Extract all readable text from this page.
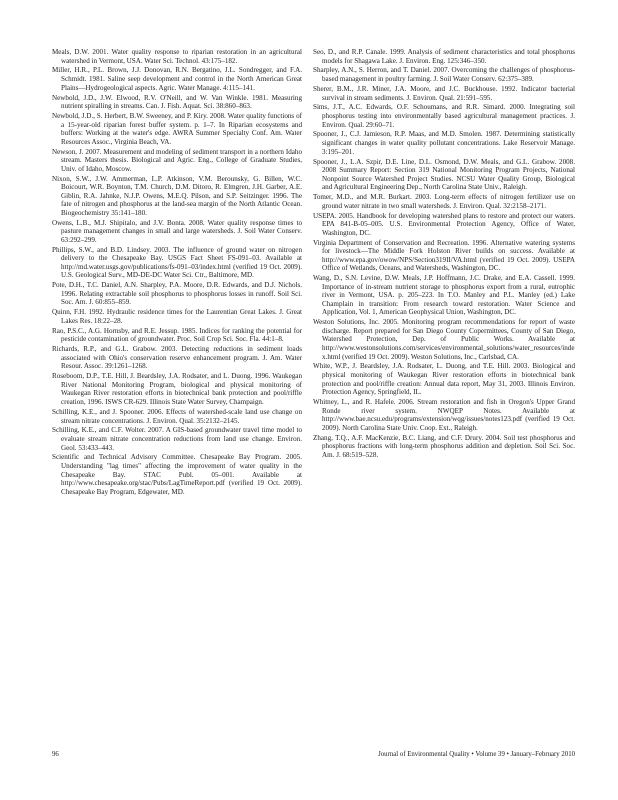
Meals, D.W. 2001. Water quality response to riparian restoration in an agricultural watershed in Vermont, USA. Water Sci. Technol. 43:175–182.

Miller, H.R., P.L. Brown, J.J. Donovan, R.N. Bergatino, J.L. Sondregger, and F.A. Schmidt. 1981. Saline seep development and control in the North American Great Plains—Hydrogeological aspects. Agric. Water Manage. 4:115–141.

Newbold, J.D., J.W. Elwood, R.V. O'Neill, and W. Van Winkle. 1981. Measuring nutrient spiralling in streams. Can. J. Fish. Aquat. Sci. 38:860–863.

Newbold, J.D., S. Herbert, B.W. Sweeney, and P. Kiry. 2008. Water quality functions of a 15-year-old riparian forest buffer system. p. 1–7. In Riparian ecosystems and buffers: Working at the water's edge. AWRA Summer Specialty Conf. Am. Water Resources Assoc., Virginia Beach, VA.

Newson, J. 2007. Measurement and modeling of sediment transport in a northern Idaho stream. Masters thesis. Biological and Agric. Eng., College of Graduate Studies, Univ. of Idaho, Moscow.

Nixon, S.W., J.W. Ammerman, L.P. Atkinson, V.M. Berounsky, G. Billen, W.C. Boicourt, W.R. Boynton, T.M. Church, D.M. Ditoro, R. Elmgren, J.H. Garber, A.E. Giblin, R.A. Jahnke, N.J.P. Owens, M.E.Q. Pilson, and S.P. Seitzinger. 1996. The fate of nitrogen and phosphorus at the land-sea margin of the North Atlantic Ocean. Biogeochemistry 35:141–180.

Owens, L.B., M.J. Shipitalo, and J.V. Bonta. 2008. Water quality response times to pasture management changes in small and large watersheds. J. Soil Water Conserv. 63:292–299.

Phillips, S.W., and B.D. Lindsey. 2003. The influence of ground water on nitrogen delivery to the Chesapeake Bay. USGS Fact Sheet FS-091–03. Available at http://md.water.usgs.gov/publications/fs-091–03/index.html (verified 19 Oct. 2009). U.S. Geological Surv., MD-DE-DC Water Sci. Ctr., Baltimore, MD.

Pote, D.H., T.C. Daniel, A.N. Sharpley, P.A. Moore, D.R. Edwards, and D.J. Nichols. 1996. Relating extractable soil phosphorus to phosphorus losses in runoff. Soil Sci. Soc. Am. J. 60:855–859.

Quinn, F.H. 1992. Hydraulic residence times for the Laurentian Great Lakes. J. Great Lakes Res. 18:22–28.

Rao, P.S.C., A.G. Hornsby, and R.E. Jessup. 1985. Indices for ranking the potential for pesticide contamination of groundwater. Proc. Soil Crop Sci. Soc. Fla. 44:1–8.

Richards, R.P., and G.L. Grabow. 2003. Detecting reductions in sediment loads associated with Ohio's conservation reserve enhancement program. J. Am. Water Resour. Assoc. 39:1261–1268.

Roseboom, D.P., T.E. Hill, J. Beardsley, J.A. Rodsater, and L. Duong. 1996. Waukegan River National Monitoring Program, biological and physical monitoring of Waukegan River restoration efforts in biotechnical bank protection and pool/riffle creation, 1996. ISWS CR-629. Illinois State Water Survey, Champaign.

Schilling, K.E., and J. Spooner. 2006. Effects of watershed-scale land use change on stream nitrate concentrations. J. Environ. Qual. 35:2132–2145.

Schilling, K.E., and C.F. Wolter. 2007. A GIS-based groundwater travel time model to evaluate stream nitrate concentration reductions from land use change. Environ. Geol. 53:433–443.

Scientific and Technical Advisory Committee. Chesapeake Bay Program. 2005. Understanding "lag times" affecting the improvement of water quality in the Chesapeake Bay. STAC Publ. 05–001. Available at http://www.chesapeake.org/stac/Pubs/LagTimeReport.pdf (verified 19 Oct. 2009). Chesapeake Bay Program, Edgewater, MD.

Seo, D., and R.P. Canale. 1999. Analysis of sediment characteristics and total phosphorus models for Shagawa Lake. J. Environ. Eng. 125:346–350.

Sharpley, A.N., S. Herron, and T. Daniel. 2007. Overcoming the challenges of phosphorus-based management in poultry farming. J. Soil Water Conserv. 62:375–389.

Sherer, B.M., J.R. Miner, J.A. Moore, and J.C. Buckhouse. 1992. Indicator bacterial survival in stream sediments. J. Environ. Qual. 21:591–595.

Sims, J.T., A.C. Edwards, O.F. Schoumans, and R.R. Simard. 2000. Integrating soil phosphorus testing into environmentally based agricultural management practices. J. Environ. Qual. 29:60–71.

Spooner, J., C.J. Jamieson, R.P. Maas, and M.D. Smolen. 1987. Determining statistically significant changes in water quality pollutant concentrations. Lake Reservoir Manage. 3:195–201.

Spooner, J., L.A. Szpir, D.E. Line, D.L. Osmond, D.W. Meals, and G.L. Grabow. 2008. 2008 Summary Report: Section 319 National Monitoring Program Projects, National Nonpoint Source Watershed Project Studies. NCSU Water Quality Group, Biological and Agricultural Engineering Dep., North Carolina State Univ., Raleigh.

Tomer, M.D., and M.R. Burkart. 2003. Long-term effects of nitrogen fertilizer use on ground water nitrate in two small watersheds. J. Environ. Qual. 32:2158–2171.

USEPA. 2005. Handbook for developing watershed plans to restore and protect our waters. EPA 841-B-05–005. U.S. Environmental Protection Agency, Office of Water, Washington, DC.

Virginia Department of Conservation and Recreation. 1996. Alternative watering systems for livestock—The Middle Fork Holston River builds on success. Available at http://www.epa.gov/owow/NPS/Section319II/VA.html (verified 19 Oct. 2009). USEPA Office of Wetlands, Oceans, and Watersheds, Washington, DC.

Wang, D., S.N. Levine, D.W. Meals, J.P. Hoffmann, J.C. Drake, and E.A. Cassell. 1999. Importance of in-stream nutrient storage to phosphorus export from a rural, eutrophic river in Vermont, USA. p. 205–223. In T.O. Manley and P.L. Manley (ed.) Lake Champlain in transition: From research toward restoration. Water Science and Application, Vol. 1, American Geophysical Union, Washington, DC.

Weston Solutions, Inc. 2005. Monitoring program recommendations for report of waste discharge. Report prepared for San Diego County Copermittees, County of San Diego, Watershed Protection, Dep. of Public Works. Available at http://www.westonsolutions.com/services/environmental_solutions/water_resources/index.html (verified 19 Oct. 2009). Weston Solutions, Inc., Carlsbad, CA.

White, W.P., J. Beardsley, J.A. Rodsater, L. Duong, and T.E. Hill. 2003. Biological and physical monitoring of Waukegan River restoration efforts in biotechnical bank protection and pool/riffle creation: Annual data report, May 31, 2003. Illinois Environ. Protection Agency, Springfield, IL.

Whitney, L., and R. Hafele. 2006. Stream restoration and fish in Oregon's Upper Grand Ronde river system. NWQEP Notes. Available at http://www.bae.ncsu.edu/programs/extension/wqg/issues/notes123.pdf (verified 19 Oct. 2009). North Carolina State Univ. Coop. Ext., Raleigh.

Zhang, T.Q., A.F. MacKenzie, B.C. Liang, and C.F. Drury. 2004. Soil test phosphorus and phosphorus fractions with long-term phosphorus addition and depletion. Soil Sci. Soc. Am. J. 68:519–528.

96	Journal of Environmental Quality • Volume 39 • January–February 2010
